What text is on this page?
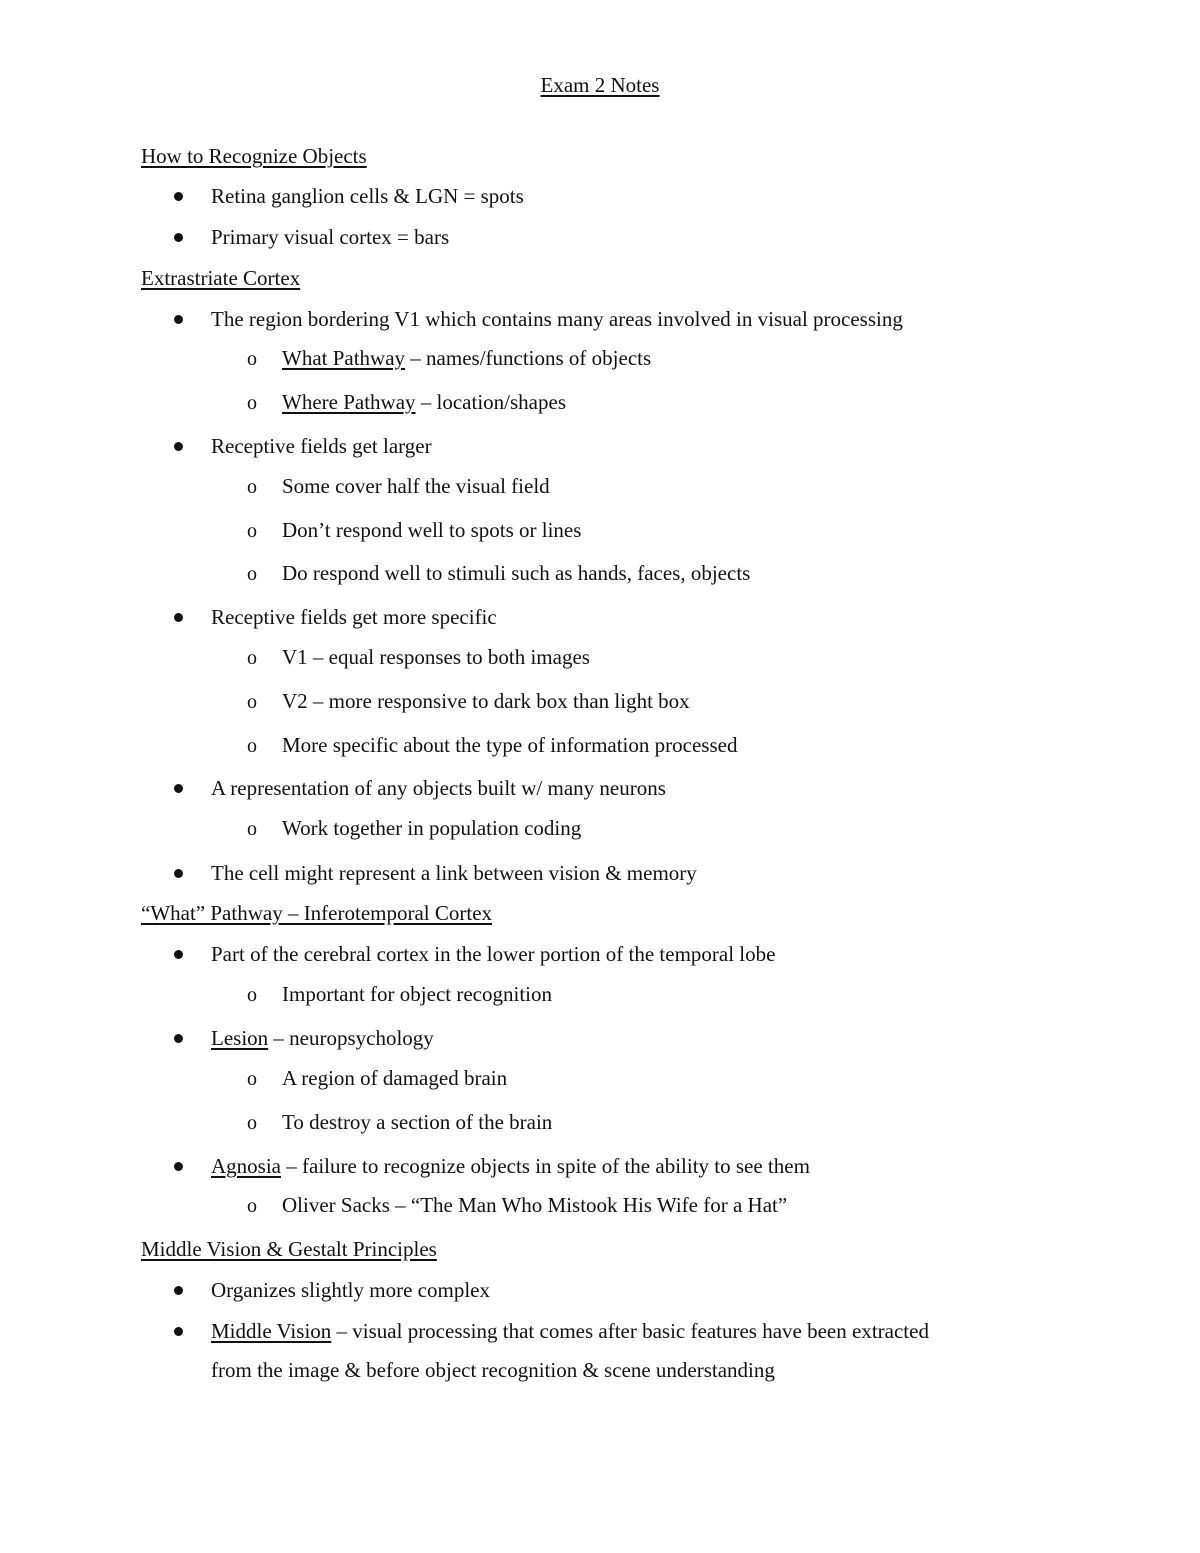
Exam 2 Notes
How to Recognize Objects
Retina ganglion cells & LGN = spots
Primary visual cortex = bars
Extrastriate Cortex
The region bordering V1 which contains many areas involved in visual processing
o What Pathway – names/functions of objects
o Where Pathway – location/shapes
Receptive fields get larger
o Some cover half the visual field
o Don’t respond well to spots or lines
o Do respond well to stimuli such as hands, faces, objects
Receptive fields get more specific
o V1 – equal responses to both images
o V2 – more responsive to dark box than light box
o More specific about the type of information processed
A representation of any objects built w/ many neurons
o Work together in population coding
The cell might represent a link between vision & memory
“What” Pathway – Inferotemporal Cortex
Part of the cerebral cortex in the lower portion of the temporal lobe
o Important for object recognition
Lesion – neuropsychology
o A region of damaged brain
o To destroy a section of the brain
Agnosia – failure to recognize objects in spite of the ability to see them
o Oliver Sacks – “The Man Who Mistook His Wife for a Hat”
Middle Vision & Gestalt Principles
Organizes slightly more complex
Middle Vision – visual processing that comes after basic features have been extracted
from the image & before object recognition & scene understanding
